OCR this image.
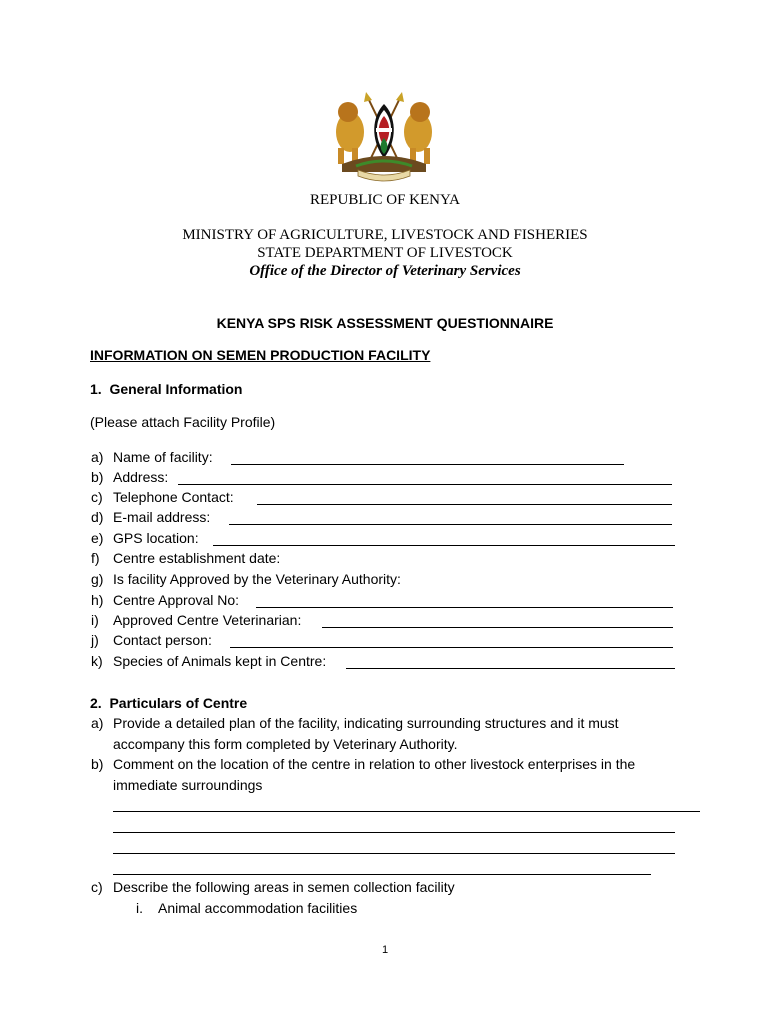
REPUBLIC OF KENYA
MINISTRY OF AGRICULTURE, LIVESTOCK AND FISHERIES
STATE DEPARTMENT OF LIVESTOCK
Office of the Director of Veterinary Services
KENYA SPS RISK ASSESSMENT QUESTIONNAIRE
INFORMATION ON SEMEN PRODUCTION FACILITY
1.  General Information
(Please attach Facility Profile)
a) Name of facility:
b) Address:
c) Telephone Contact:
d) E-mail address:
e) GPS location:
f) Centre establishment date:
g) Is facility Approved by the Veterinary Authority:
h) Centre Approval No:
i) Approved Centre Veterinarian:
j) Contact person:
k) Species of Animals kept in Centre:
2.  Particulars of Centre
a) Provide a detailed plan of the facility, indicating surrounding structures and it must
accompany this form completed by Veterinary Authority.
b) Comment on the location of the centre in relation to other livestock enterprises in the
immediate surroundings
c) Describe the following areas in semen collection facility
i. Animal accommodation facilities
1
